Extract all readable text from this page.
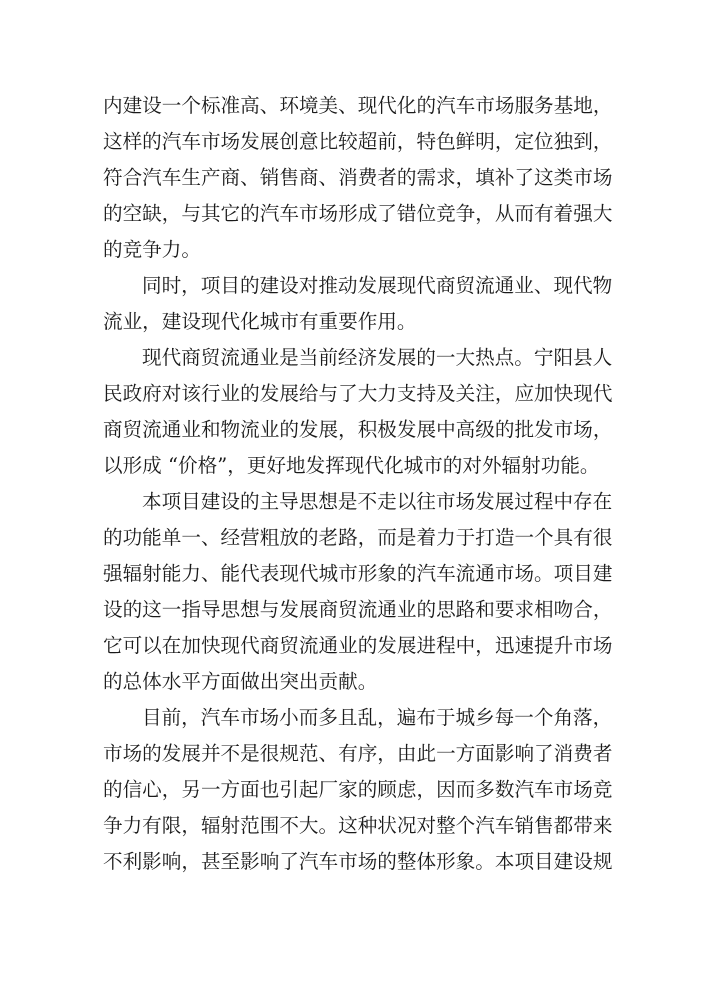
内建设一个标准高、环境美、现代化的汽车市场服务基地，
这样的汽车市场发展创意比较超前，特色鲜明，定位独到，
符合汽车生产商、销售商、消费者的需求，填补了这类市场
的空缺，与其它的汽车市场形成了错位竞争，从而有着强大
的竞争力。
同时，项目的建设对推动发展现代商贸流通业、现代物
流业，建设现代化城市有重要作用。
现代商贸流通业是当前经济发展的一大热点。宁阳县人
民政府对该行业的发展给与了大力支持及关注，应加快现代
商贸流通业和物流业的发展，积极发展中高级的批发市场，
以形成 “价格”，更好地发挥现代化城市的对外辐射功能。
本项目建设的主导思想是不走以往市场发展过程中存在
的功能单一、经营粗放的老路，而是着力于打造一个具有很
强辐射能力、能代表现代城市形象的汽车流通市场。项目建
设的这一指导思想与发展商贸流通业的思路和要求相吻合，
它可以在加快现代商贸流通业的发展进程中，迅速提升市场
的总体水平方面做出突出贡献。
目前，汽车市场小而多且乱，遍布于城乡每一个角落，
市场的发展并不是很规范、有序，由此一方面影响了消费者
的信心，另一方面也引起厂家的顾虑，因而多数汽车市场竞
争力有限，辐射范围不大。这种状况对整个汽车销售都带来
不利影响，甚至影响了汽车市场的整体形象。本项目建设规
